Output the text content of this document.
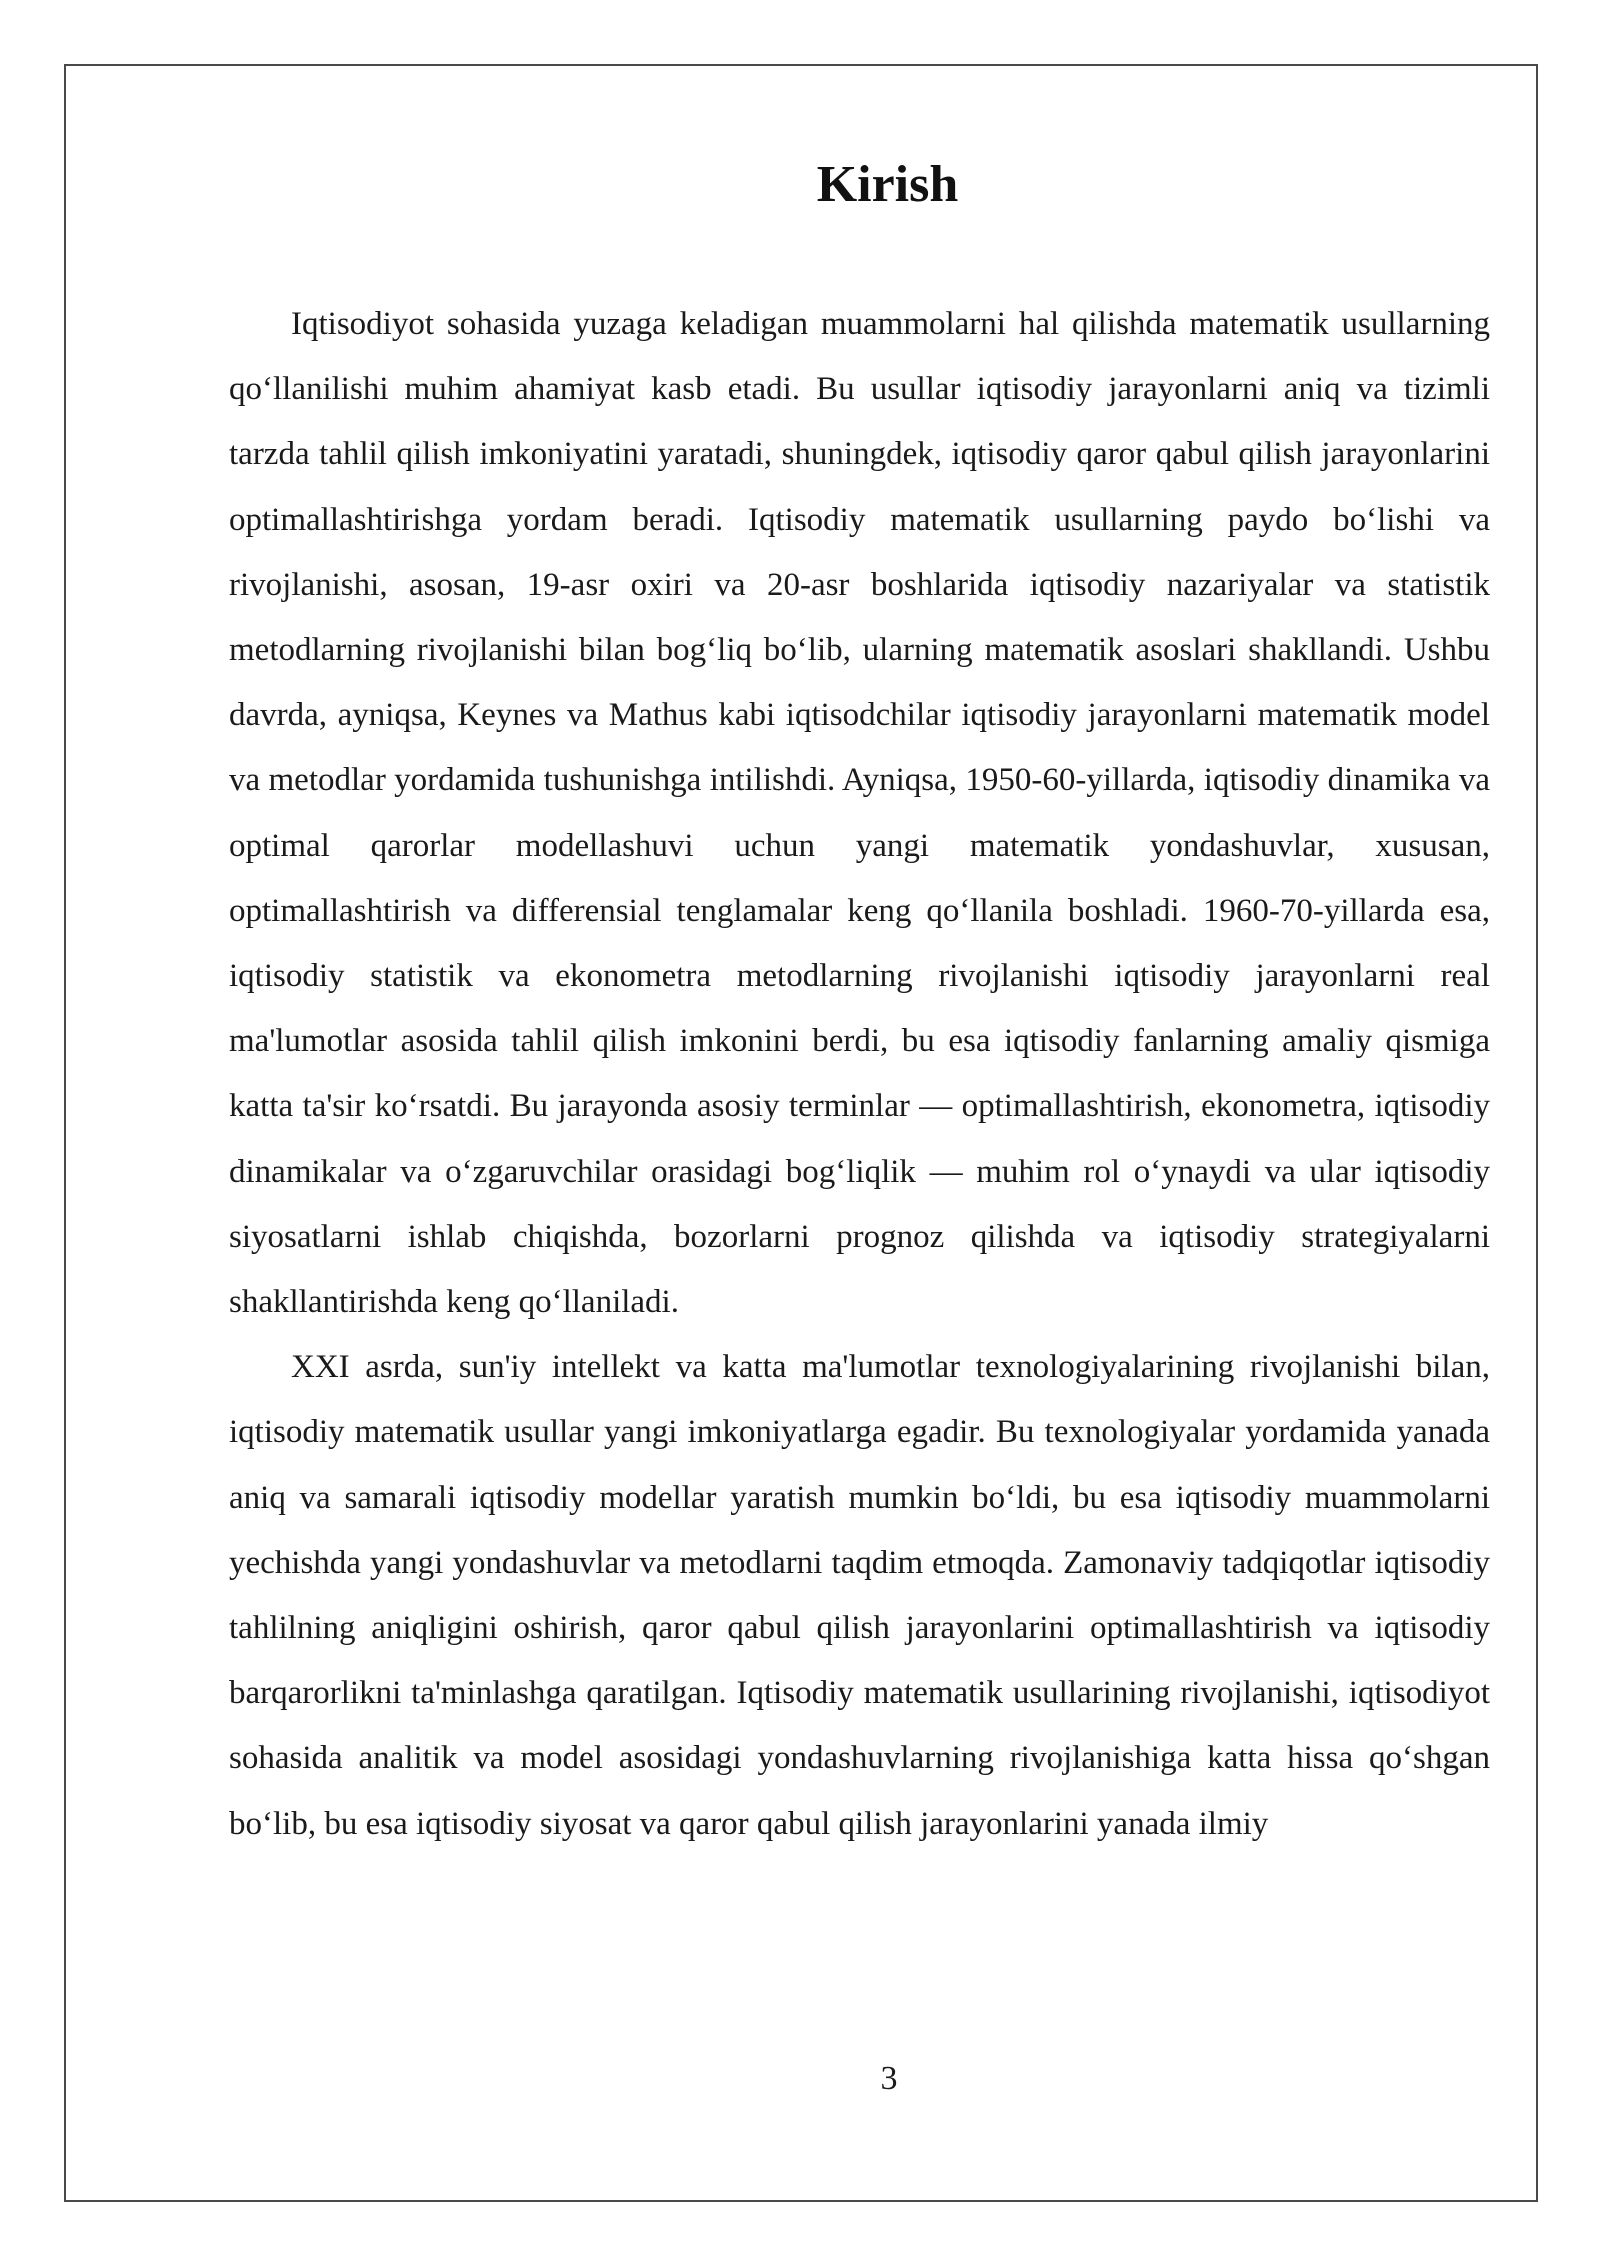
Kirish

Iqtisodiyot sohasida yuzaga keladigan muammolarni hal qilishda matematik usullarning qo‘llanilishi muhim ahamiyat kasb etadi. Bu usullar iqtisodiy jarayonlarni aniq va tizimli tarzda tahlil qilish imkoniyatini yaratadi, shuningdek, iqtisodiy qaror qabul qilish jarayonlarini optimallashtirishga yordam beradi. Iqtisodiy matematik usullarning paydo bo‘lishi va rivojlanishi, asosan, 19-asr oxiri va 20-asr boshlarida iqtisodiy nazariyalar va statistik metodlarning rivojlanishi bilan bog‘liq bo‘lib, ularning matematik asoslari shakllandi. Ushbu davrda, ayniqsa, Keynes va Mathus kabi iqtisodchilar iqtisodiy jarayonlarni matematik model va metodlar yordamida tushunishga intilishdi. Ayniqsa, 1950-60-yillarda, iqtisodiy dinamika va optimal qarorlar modellashuvi uchun yangi matematik yondashuvlar, xususan, optimallashtirish va differensial tenglamalar keng qo‘llanila boshladi. 1960-70-yillarda esa, iqtisodiy statistik va ekonometra metodlarning rivojlanishi iqtisodiy jarayonlarni real ma'lumotlar asosida tahlil qilish imkonini berdi, bu esa iqtisodiy fanlarning amaliy qismiga katta ta'sir ko‘rsatdi. Bu jarayonda asosiy terminlar — optimallashtirish, ekonometra, iqtisodiy dinamikalar va o‘zgaruvchilar orasidagi bog‘liqlik — muhim rol o‘ynaydi va ular iqtisodiy siyosatlarni ishlab chiqishda, bozorlarni prognoz qilishda va iqtisodiy strategiyalarni shakllantirishda keng qo‘llaniladi.

XXI asrda, sun'iy intellekt va katta ma'lumotlar texnologiyalarining rivojlanishi bilan, iqtisodiy matematik usullar yangi imkoniyatlarga egadir. Bu texnologiyalar yordamida yanada aniq va samarali iqtisodiy modellar yaratish mumkin bo‘ldi, bu esa iqtisodiy muammolarni yechishda yangi yondashuvlar va metodlarni taqdim etmoqda. Zamonaviy tadqiqotlar iqtisodiy tahlilning aniqligini oshirish, qaror qabul qilish jarayonlarini optimallashtirish va iqtisodiy barqarorlikni ta'minlashga qaratilgan. Iqtisodiy matematik usullarining rivojlanishi, iqtisodiyot sohasida analitik va model asosidagi yondashuvlarning rivojlanishiga katta hissa qo‘shgan bo‘lib, bu esa iqtisodiy siyosat va qaror qabul qilish jarayonlarini yanada ilmiy

3
